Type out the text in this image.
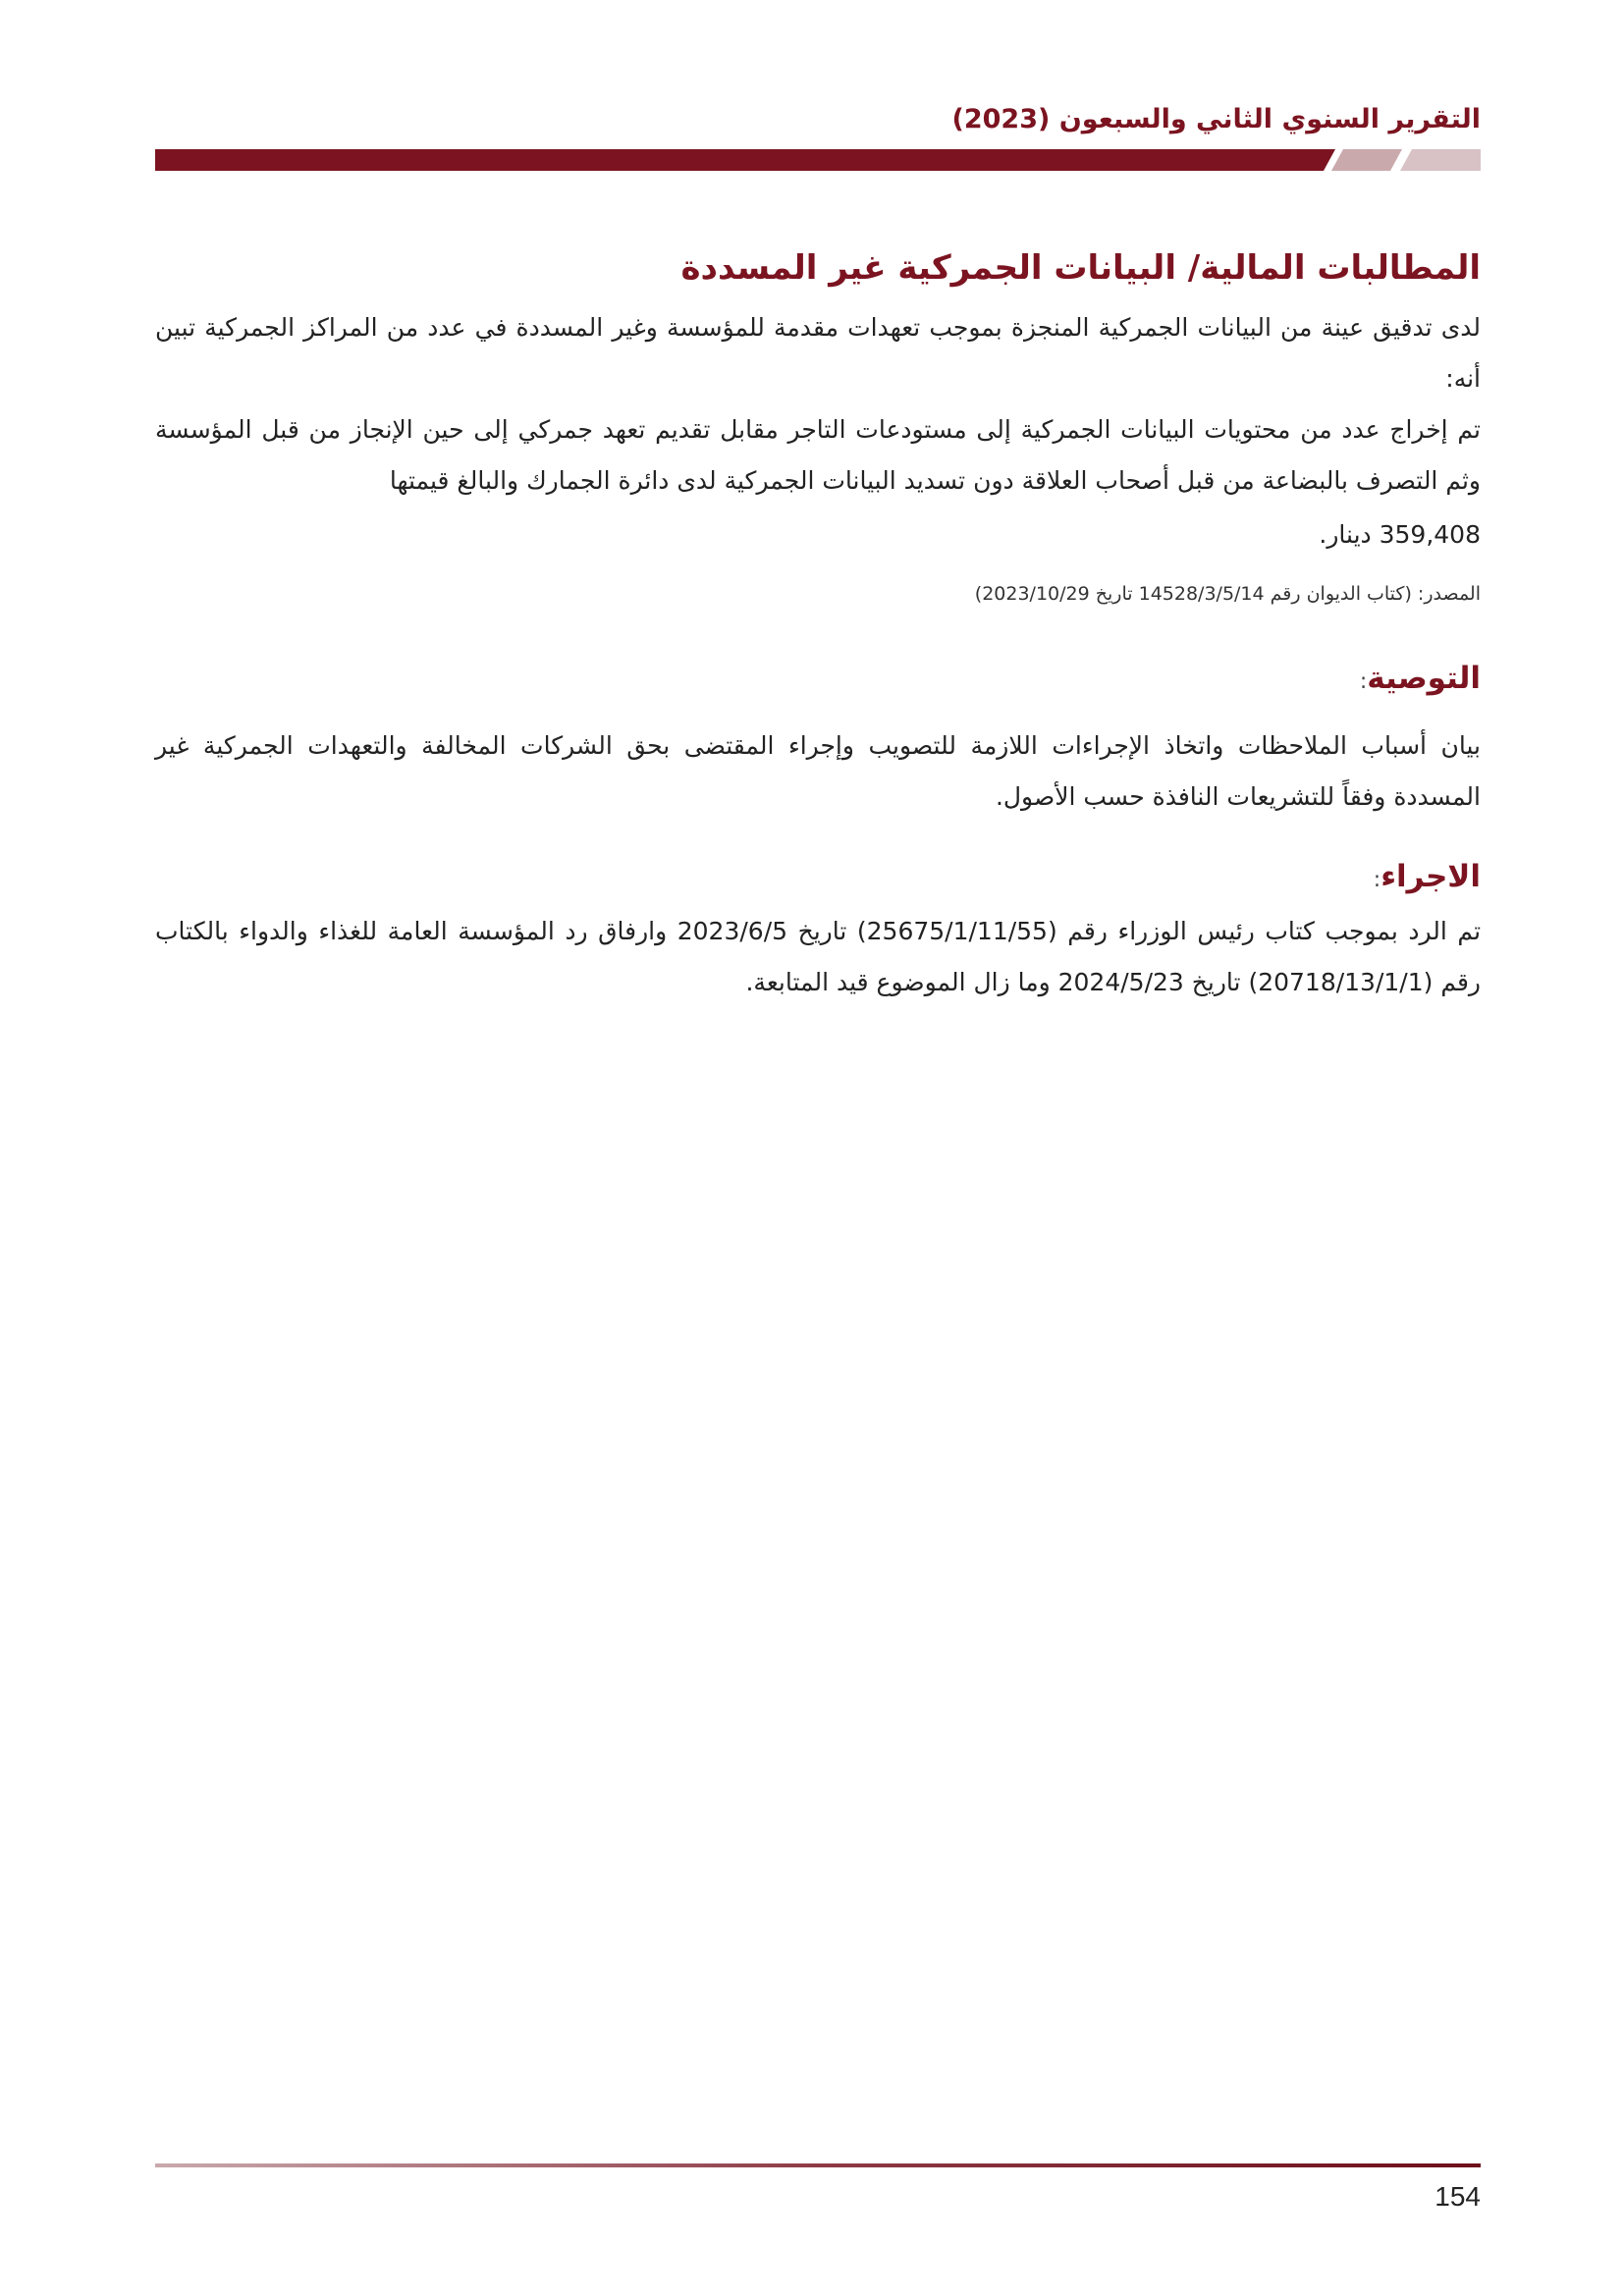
التقرير السنوي الثاني والسبعون (2023)
المطالبات المالية/ البيانات الجمركية غير المسددة

لدى تدقيق عينة من البيانات الجمركية المنجزة بموجب تعهدات مقدمة للمؤسسة وغير المسددة في عدد من المراكز الجمركية تبين أنه:

تم إخراج عدد من محتويات البيانات الجمركية إلى مستودعات التاجر مقابل تقديم تعهد جمركي إلى حين الإنجاز من قبل المؤسسة وثم التصرف بالبضاعة من قبل أصحاب العلاقة دون تسديد البيانات الجمركية لدى دائرة الجمارك والبالغ قيمتها

359,408 دينار.

المصدر: (كتاب الديوان رقم 14528/3/5/14 تاريخ 2023/10/29)

التوصية:

بيان أسباب الملاحظات واتخاذ الإجراءات اللازمة للتصويب وإجراء المقتضى بحق الشركات المخالفة والتعهدات الجمركية غير المسددة وفقاً للتشريعات النافذة حسب الأصول.

الاجراء:

تم الرد بموجب كتاب رئيس الوزراء رقم (25675/1/11/55) تاريخ 2023/6/5 وارفاق رد المؤسسة العامة للغذاء والدواء بالكتاب رقم (20718/13/1/1) تاريخ 2024/5/23 وما زال الموضوع قيد المتابعة.

154
